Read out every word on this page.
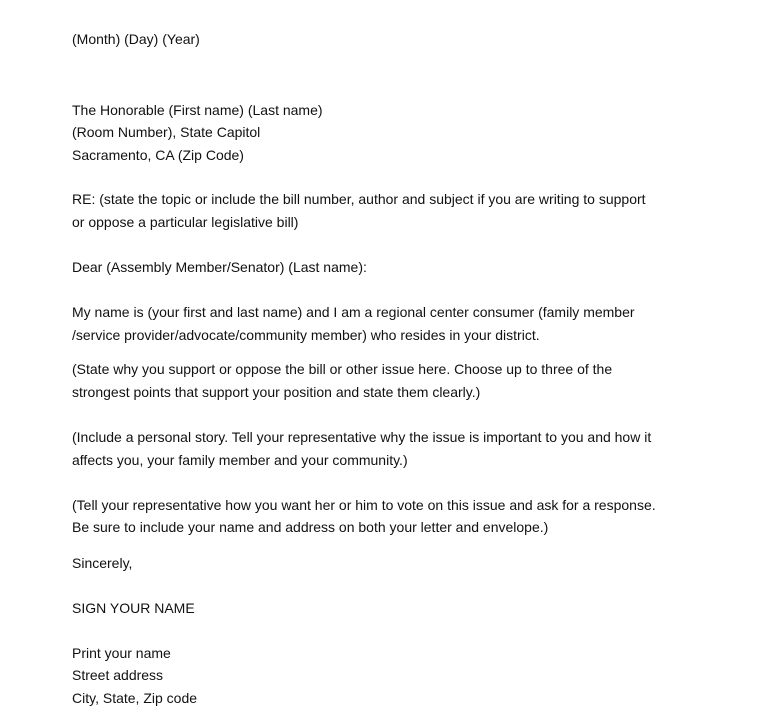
(Month) (Day) (Year)
The Honorable (First name) (Last name)
(Room Number), State Capitol
Sacramento, CA (Zip Code)
RE: (state the topic or include the bill number, author and subject if you are writing to support
or oppose a particular legislative bill)
Dear (Assembly Member/Senator) (Last name):
My name is (your first and last name) and I am a regional center consumer (family member
/service provider/advocate/community member) who resides in your district.
(State why you support or oppose the bill or other issue here. Choose up to three of the
strongest points that support your position and state them clearly.)
(Include a personal story. Tell your representative why the issue is important to you and how it
affects you, your family member and your community.)
(Tell your representative how you want her or him to vote on this issue and ask for a response.
Be sure to include your name and address on both your letter and envelope.)
Sincerely,
SIGN YOUR NAME
Print your name
Street address
City, State, Zip code
